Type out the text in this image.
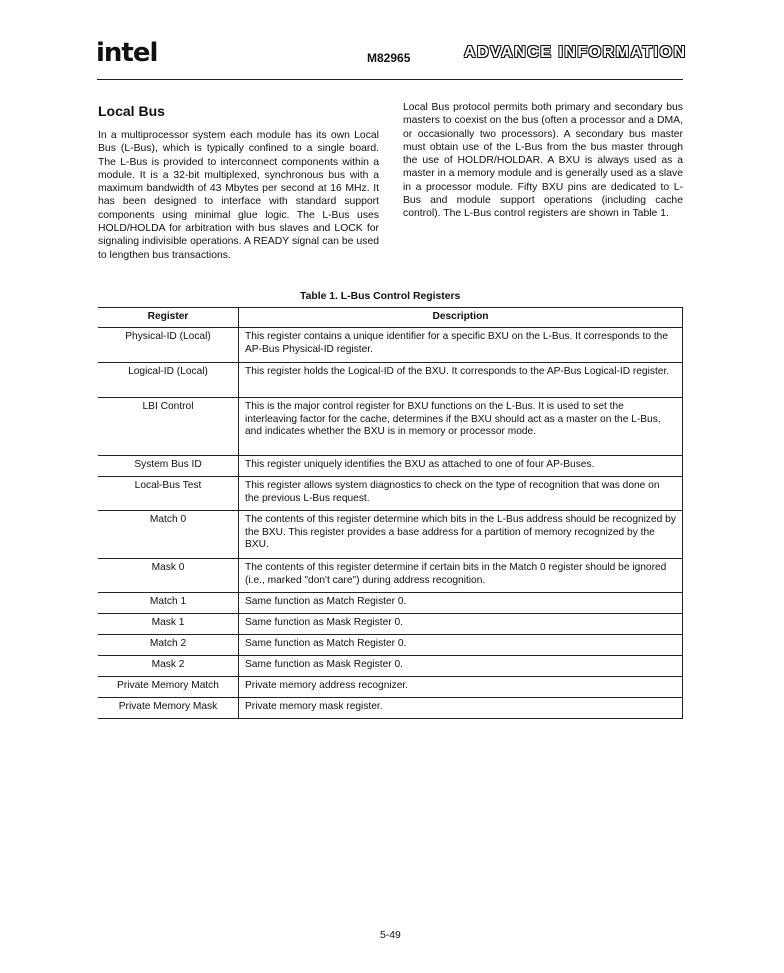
intel	M82965	ADVANCE INFORMATION
Local Bus
In a multiprocessor system each module has its own Local Bus (L-Bus), which is typically confined to a single board. The L-Bus is provided to interconnect components within a module. It is a 32-bit multiplexed, synchronous bus with a maximum bandwidth of 43 Mbytes per second at 16 MHz. It has been designed to interface with standard support components using minimal glue logic. The L-Bus uses HOLD/HOLDA for arbitration with bus slaves and LOCK for signaling indivisible operations. A READY signal can be used to lengthen bus transactions.
Local Bus protocol permits both primary and secondary bus masters to coexist on the bus (often a processor and a DMA, or occasionally two processors). A secondary bus master must obtain use of the L-Bus from the bus master through the use of HOLDR/HOLDAR. A BXU is always used as a master in a memory module and is generally used as a slave in a processor module. Fifty BXU pins are dedicated to L-Bus and module support operations (including cache control). The L-Bus control registers are shown in Table 1.
Table 1. L-Bus Control Registers
Register	Description
Physical-ID (Local)	This register contains a unique identifier for a specific BXU on the L-Bus. It corresponds to the AP-Bus Physical-ID register.
Logical-ID (Local)	This register holds the Logical-ID of the BXU. It corresponds to the AP-Bus Logical-ID register.
LBI Control	This is the major control register for BXU functions on the L-Bus. It is used to set the interleaving factor for the cache, determines if the BXU should act as a master on the L-Bus, and indicates whether the BXU is in memory or processor mode.
System Bus ID	This register uniquely identifies the BXU as attached to one of four AP-Buses.
Local-Bus Test	This register allows system diagnostics to check on the type of recognition that was done on the previous L-Bus request.
Match 0	The contents of this register determine which bits in the L-Bus address should be recognized by the BXU. This register provides a base address for a partition of memory recognized by the BXU.
Mask 0	The contents of this register determine if certain bits in the Match 0 register should be ignored (i.e., marked "don't care") during address recognition.
Match 1	Same function as Match Register 0.
Mask 1	Same function as Mask Register 0.
Match 2	Same function as Match Register 0.
Mask 2	Same function as Mask Register 0.
Private Memory Match	Private memory address recognizer.
Private Memory Mask	Private memory mask register.
5-49
